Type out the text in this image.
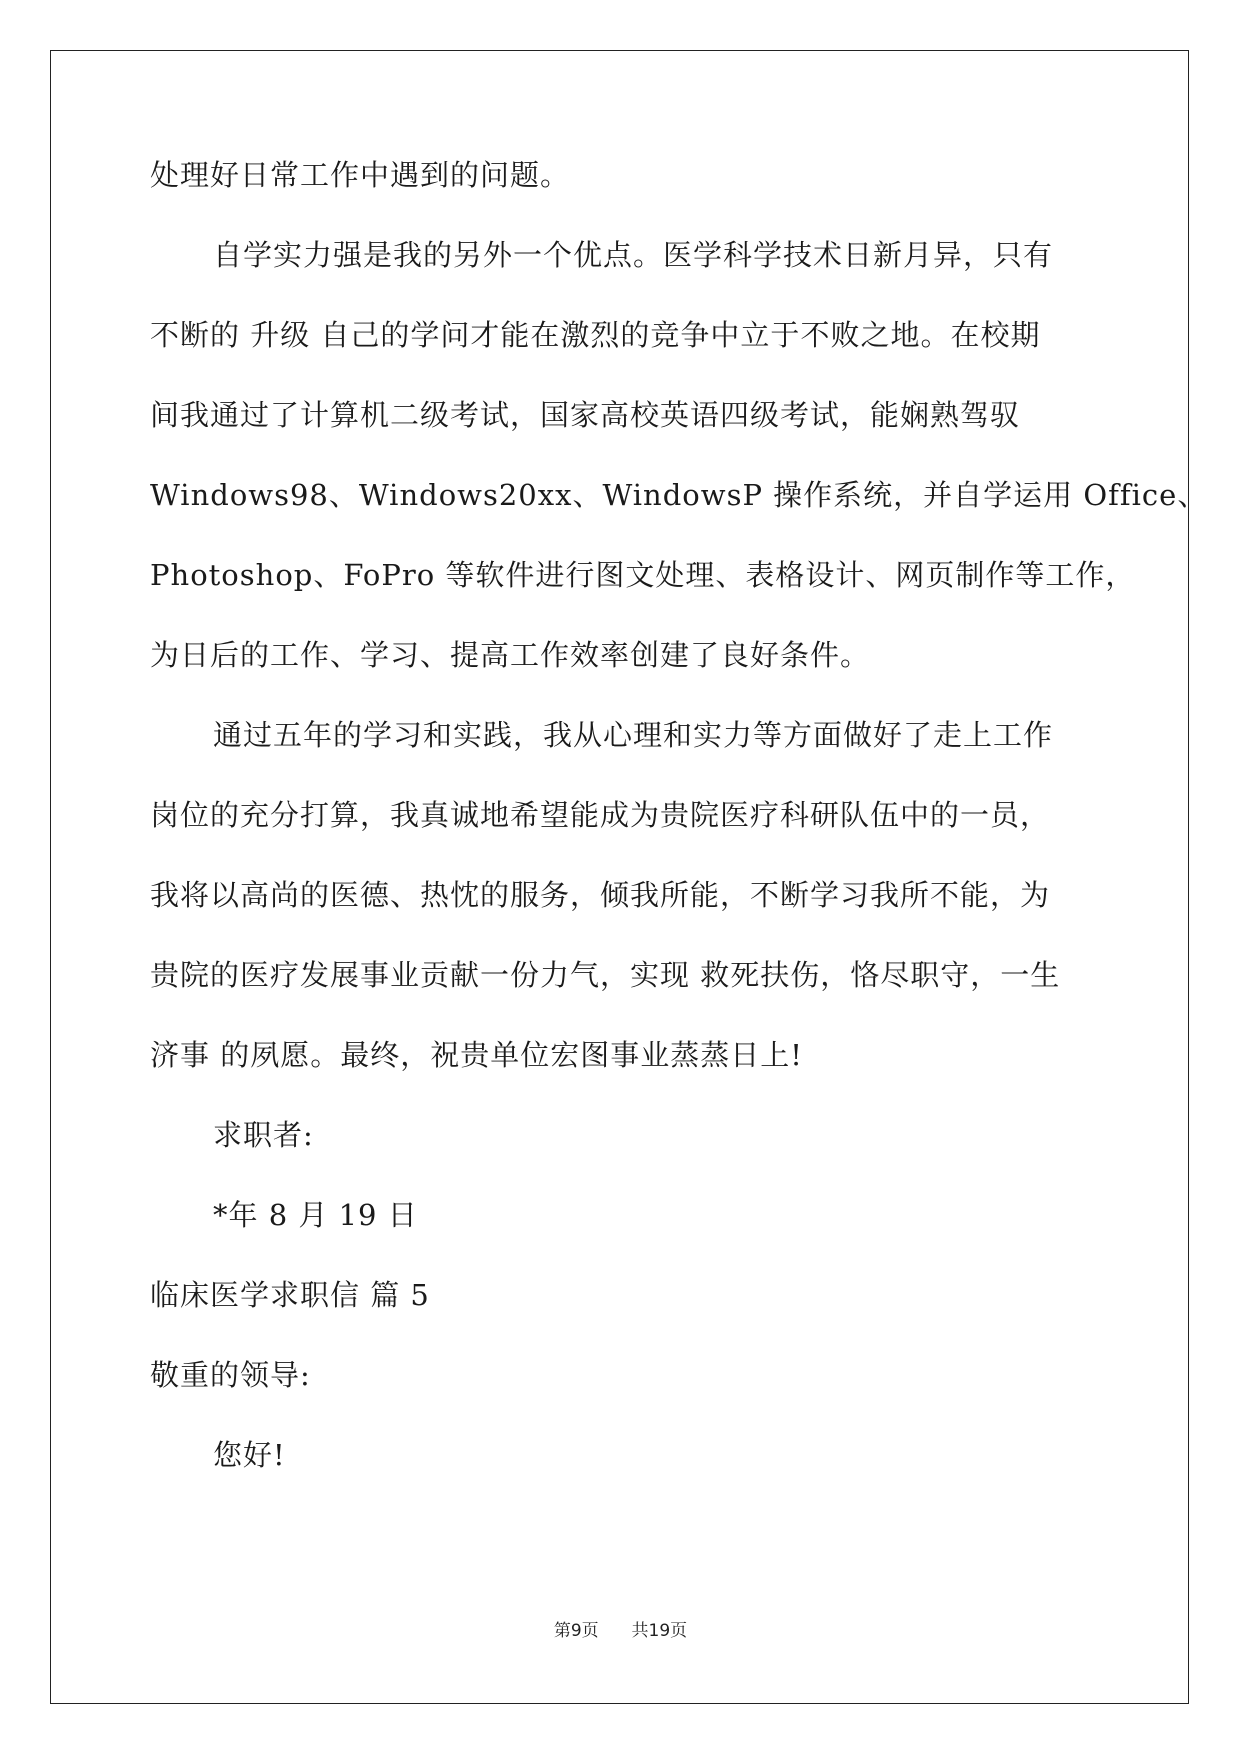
处理好日常工作中遇到的问题。
自学实力强是我的另外一个优点。医学科学技术日新月异，只有
不断的 升级 自己的学问才能在激烈的竞争中立于不败之地。在校期
间我通过了计算机二级考试，国家高校英语四级考试，能娴熟驾驭
Windows98、Windows20xx、WindowsP 操作系统，并自学运用 Office、
Photoshop、FoPro 等软件进行图文处理、表格设计、网页制作等工作，
为日后的工作、学习、提高工作效率创建了良好条件。
通过五年的学习和实践，我从心理和实力等方面做好了走上工作
岗位的充分打算，我真诚地希望能成为贵院医疗科研队伍中的一员，
我将以高尚的医德、热忱的服务，倾我所能，不断学习我所不能，为
贵院的医疗发展事业贡献一份力气，实现 救死扶伤，恪尽职守，一生
济事 的夙愿。最终，祝贵单位宏图事业蒸蒸日上!
求职者:
*年 8 月 19 日
临床医学求职信 篇 5
敬重的领导:
您好!
第9页 共19页
